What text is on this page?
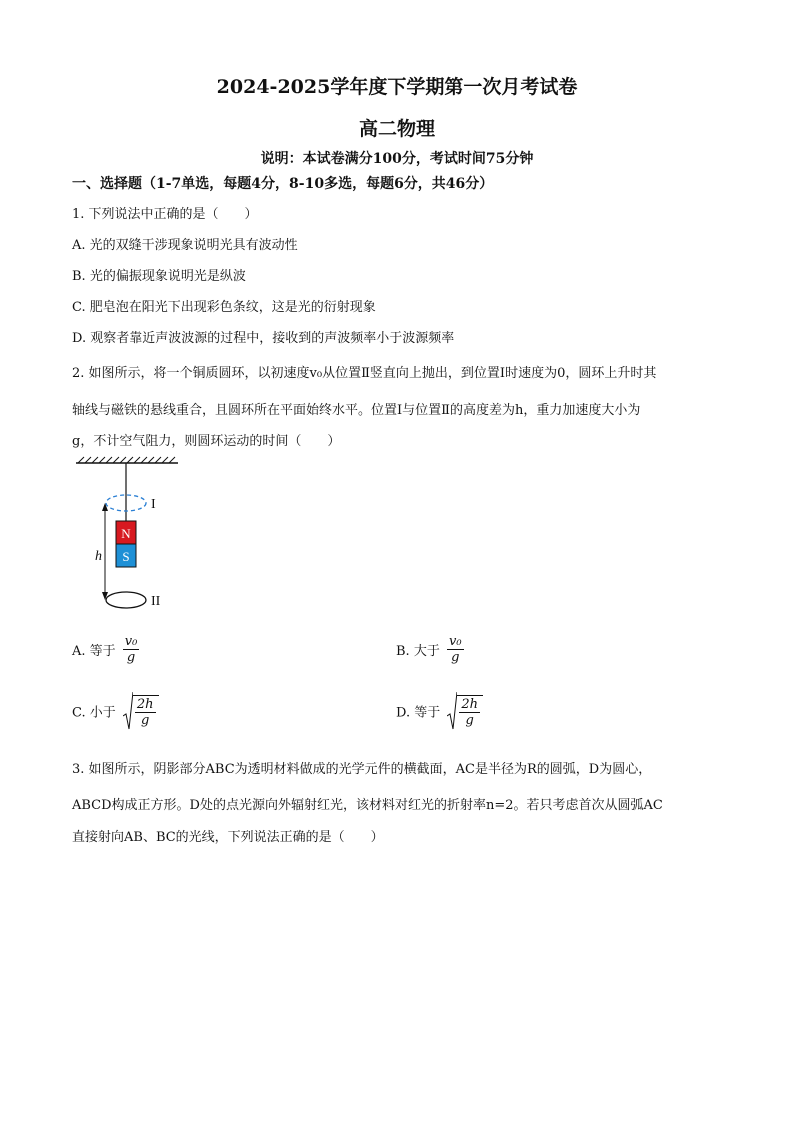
2024-2025学年度下学期第一次月考试卷
高二物理
说明：本试卷满分100分，考试时间75分钟
一、选择题（1-7单选，每题4分，8-10多选，每题6分，共46分）
1. 下列说法中正确的是（　　）
A. 光的双缝干涉现象说明光具有波动性
B. 光的偏振现象说明光是纵波
C. 肥皂泡在阳光下出现彩色条纹，这是光的衍射现象
D. 观察者靠近声波波源的过程中，接收到的声波频率小于波源频率
2. 如图所示，将一个铜质圆环，以初速度v₀从位置Ⅱ竖直向上抛出，到位置Ⅰ时速度为0，圆环上升时其
轴线与磁铁的悬线重合，且圆环所在平面始终水平。位置Ⅰ与位置Ⅱ的高度差为h，重力加速度大小为
g，不计空气阻力，则圆环运动的时间（　　）
N
S
h
I
II
A. 等于 $\frac{\text{v₀}}{g}$	B. 大于 $\frac{\text{v₀}}{g}$
C. 小于 $\frac{2h}{g}$	D. 等于 $\frac{2h}{g}$
3. 如图所示，阴影部分ABC为透明材料做成的光学元件的横截面，AC是半径为R的圆弧，D为圆心，
ABCD构成正方形。D处的点光源向外辐射红光，该材料对红光的折射率n=2。若只考虑首次从圆弧AC
直接射向AB、BC的光线，下列说法正确的是（　　）
